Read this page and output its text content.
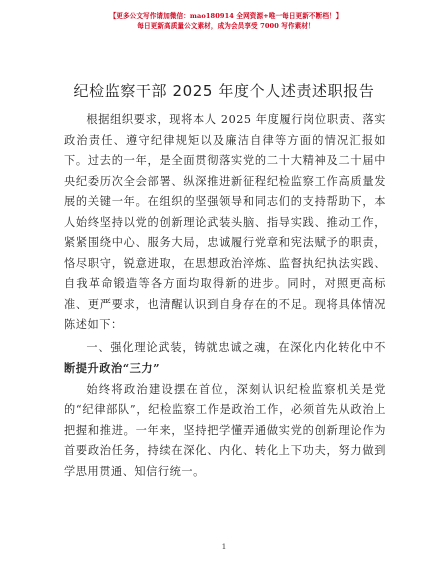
【更多公文写作请加微信：mao180914 全网资源+唯一每日更新不断档！】
每日更新高质量公文素材，成为会员享受 7000 写作素材！
纪检监察干部 2025 年度个人述责述职报告

根据组织要求，现将本人 2025 年度履行岗位职责、落实政治责任、遵守纪律规矩以及廉洁自律等方面的情况汇报如下。过去的一年，是全面贯彻落实党的二十大精神及二十届中央纪委历次全会部署、纵深推进新征程纪检监察工作高质量发展的关键一年。在组织的坚强领导和同志们的支持帮助下，本人始终坚持以党的创新理论武装头脑、指导实践、推动工作，紧紧围绕中心、服务大局，忠诚履行党章和宪法赋予的职责，恪尽职守，锐意进取，在思想政治淬炼、监督执纪执法实践、自我革命锻造等各方面均取得新的进步。同时，对照更高标准、更严要求，也清醒认识到自身存在的不足。现将具体情况陈述如下：

一、强化理论武装，铸就忠诚之魂，在深化内化转化中不断提升政治“三力”

始终将政治建设摆在首位，深刻认识纪检监察机关是党的“纪律部队”，纪检监察工作是政治工作，必须首先从政治上把握和推进。一年来，坚持把学懂弄通做实党的创新理论作为首要政治任务，持续在深化、内化、转化上下功夫，努力做到学思用贯通、知信行统一。

1
